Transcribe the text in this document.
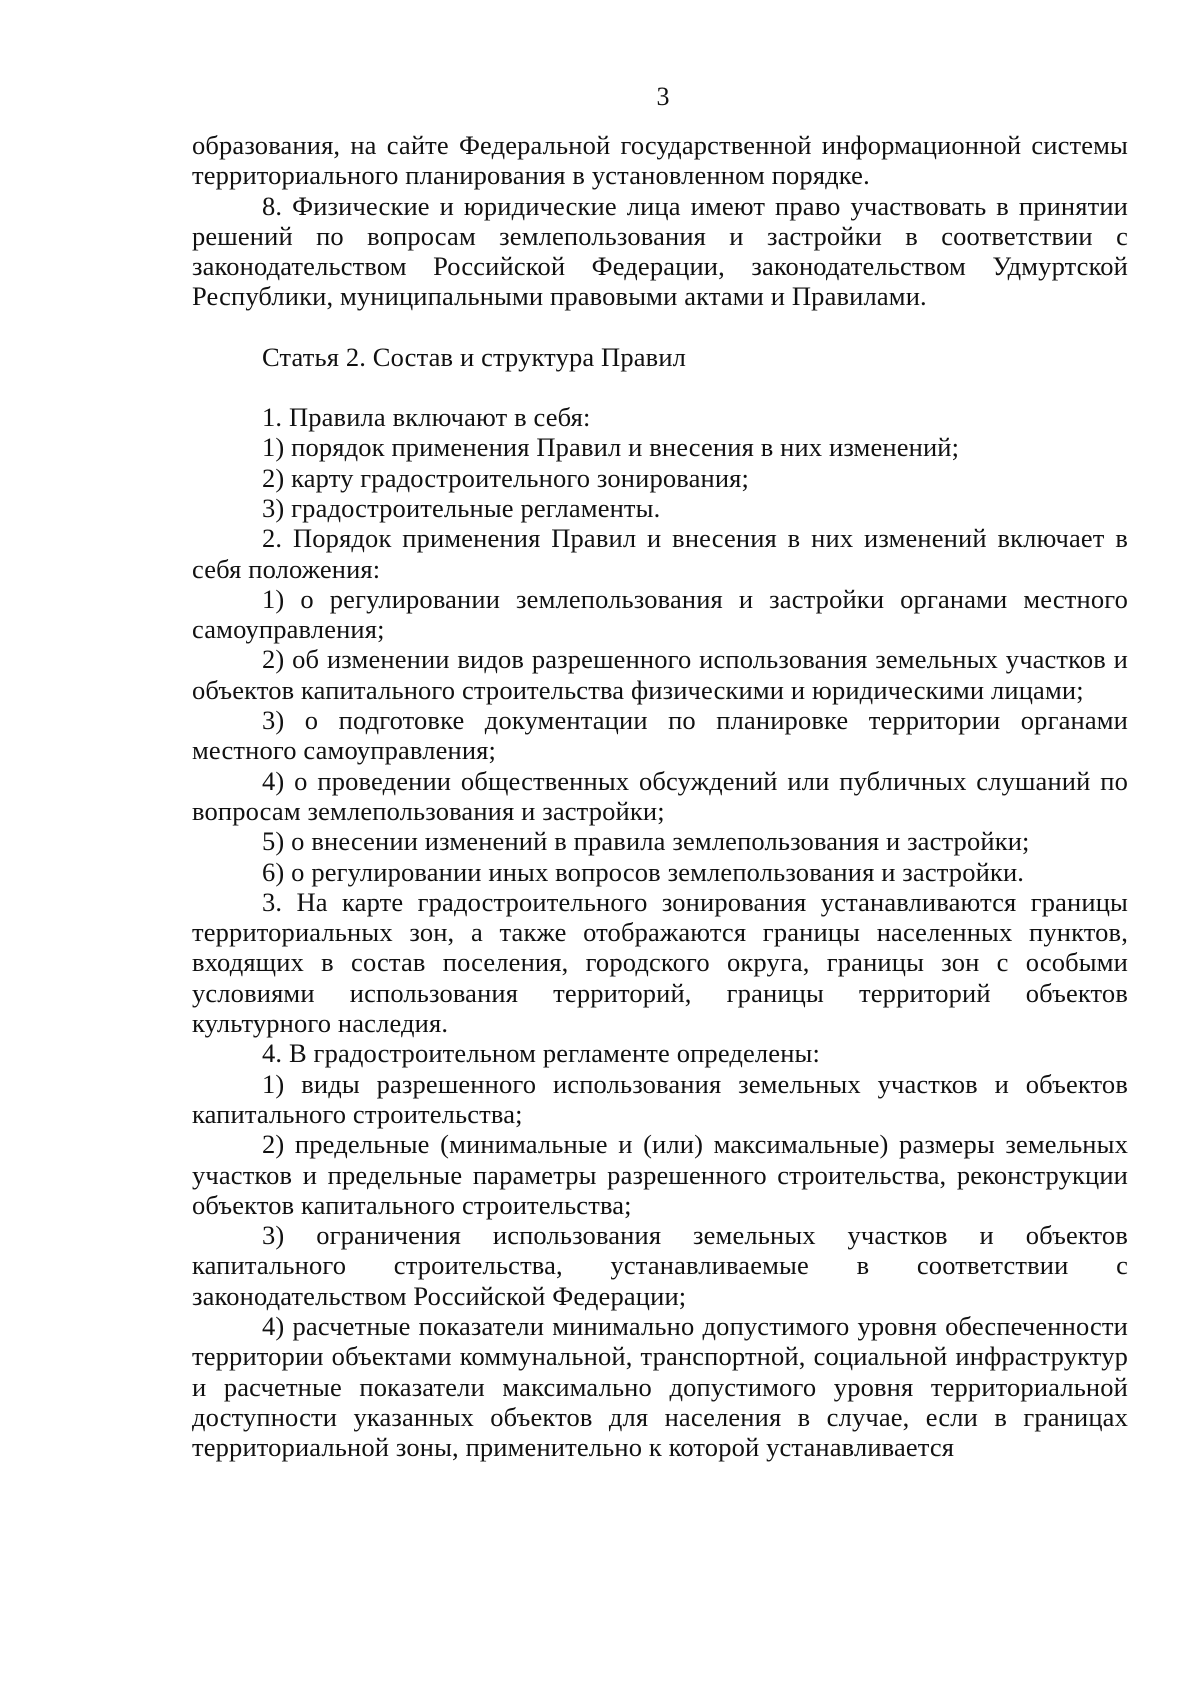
3

образования, на сайте Федеральной государственной информационной системы территориального планирования в установленном порядке.

8. Физические и юридические лица имеют право участвовать в принятии решений по вопросам землепользования и застройки в соответствии с законодательством Российской Федерации, законодательством Удмуртской Республики, муниципальными правовыми актами и Правилами.

Статья 2. Состав и структура Правил

1. Правила включают в себя:

1) порядок применения Правил и внесения в них изменений;

2) карту градостроительного зонирования;

3) градостроительные регламенты.

2. Порядок применения Правил и внесения в них изменений включает в себя положения:

1) о регулировании землепользования и застройки органами местного самоуправления;

2) об изменении видов разрешенного использования земельных участков и объектов капитального строительства физическими и юридическими лицами;

3) о подготовке документации по планировке территории органами местного самоуправления;

4) о проведении общественных обсуждений или публичных слушаний по вопросам землепользования и застройки;

5) о внесении изменений в правила землепользования и застройки;

6) о регулировании иных вопросов землепользования и застройки.

3. На карте градостроительного зонирования устанавливаются границы территориальных зон, а также отображаются границы населенных пунктов, входящих в состав поселения, городского округа, границы зон с особыми условиями использования территорий, границы территорий объектов культурного наследия.

4. В градостроительном регламенте определены:

1) виды разрешенного использования земельных участков и объектов капитального строительства;

2) предельные (минимальные и (или) максимальные) размеры земельных участков и предельные параметры разрешенного строительства, реконструкции объектов капитального строительства;

3) ограничения использования земельных участков и объектов капитального строительства, устанавливаемые в соответствии с законодательством Российской Федерации;

4) расчетные показатели минимально допустимого уровня обеспеченности территории объектами коммунальной, транспортной, социальной инфраструктур и расчетные показатели максимально допустимого уровня территориальной доступности указанных объектов для населения в случае, если в границах территориальной зоны, применительно к которой устанавливается
